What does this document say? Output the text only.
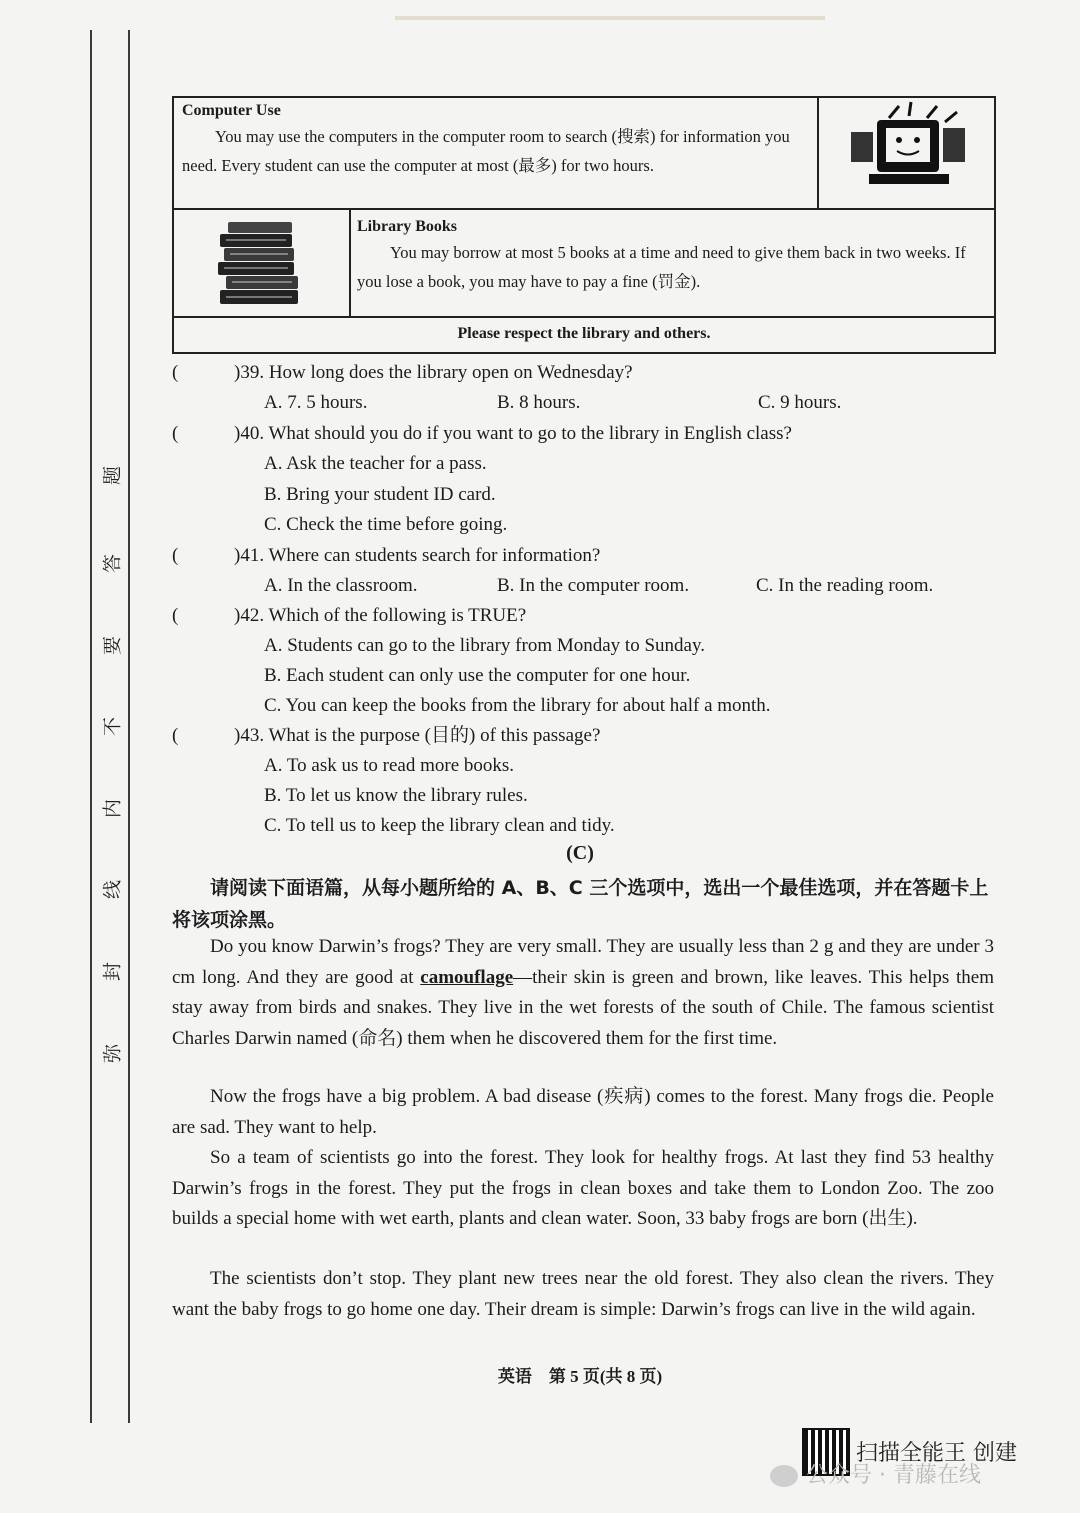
弥
封
线
内
不
要
答
题
Computer Use

You may use the computers in the computer room to search (搜索) for information you need. Every student can use the computer at most (最多) for two hours.

Library Books

You may borrow at most 5 books at a time and need to give them back in two weeks. If you lose a book, you may have to pay a fine (罚金).

Please respect the library and others.
(	)39. How long does the library open on Wednesday?
A. 7. 5 hours.	B. 8 hours.	C. 9 hours.
(	)40. What should you do if you want to go to the library in English class?
A. Ask the teacher for a pass.
B. Bring your student ID card.
C. Check the time before going.
(	)41. Where can students search for information?
A. In the classroom.	B. In the computer room.	C. In the reading room.
(	)42. Which of the following is TRUE?
A. Students can go to the library from Monday to Sunday.
B. Each student can only use the computer for one hour.
C. You can keep the books from the library for about half a month.
(	)43. What is the purpose (目的) of this passage?
A. To ask us to read more books.
B. To let us know the library rules.
C. To tell us to keep the library clean and tidy.
(C)

请阅读下面语篇，从每小题所给的 A、B、C 三个选项中，选出一个最佳选项，并在答题卡上将该项涂黑。

Do you know Darwin’s frogs? They are very small. They are usually less than 2 g and they are under 3 cm long. And they are good at camouflage—their skin is green and brown, like leaves. This helps them stay away from birds and snakes. They live in the wet forests of the south of Chile. The famous scientist Charles Darwin named (命名) them when he discovered them for the first time.

Now the frogs have a big problem. A bad disease (疾病) comes to the forest. Many frogs die. People are sad. They want to help.

So a team of scientists go into the forest. They look for healthy frogs. At last they find 53 healthy Darwin’s frogs in the forest. They put the frogs in clean boxes and take them to London Zoo. The zoo builds a special home with wet earth, plants and clean water. Soon, 33 baby frogs are born (出生).

The scientists don’t stop. They plant new trees near the old forest. They also clean the rivers. They want the baby frogs to go home one day. Their dream is simple: Darwin’s frogs can live in the wild again.

英语　第 5 页(共 8 页)
扫描全能王 创建
公众号 · 青藤在线
